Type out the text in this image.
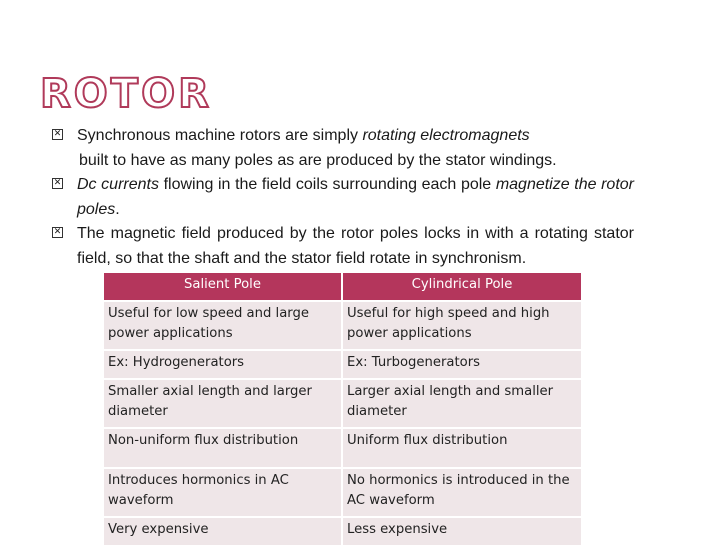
ROTOR
✕ Synchronous machine rotors are simply rotating electromagnets
built to have as many poles as are produced by the stator windings.
✕ Dc currents flowing in the field coils surrounding each pole magnetize the rotor poles.
✕ The magnetic field produced by the rotor poles locks in with a rotating stator field, so that the shaft and the stator field rotate in synchronism.
Salient Pole	Cylindrical Pole
Useful for low speed and large power applications	Useful for high speed and high power applications
Ex: Hydrogenerators	Ex: Turbogenerators
Smaller axial length and larger diameter	Larger axial length and smaller diameter
Non-uniform flux distribution	Uniform flux distribution
Introduces hormonics in AC waveform	No hormonics is introduced in the AC waveform
Very expensive	Less expensive
